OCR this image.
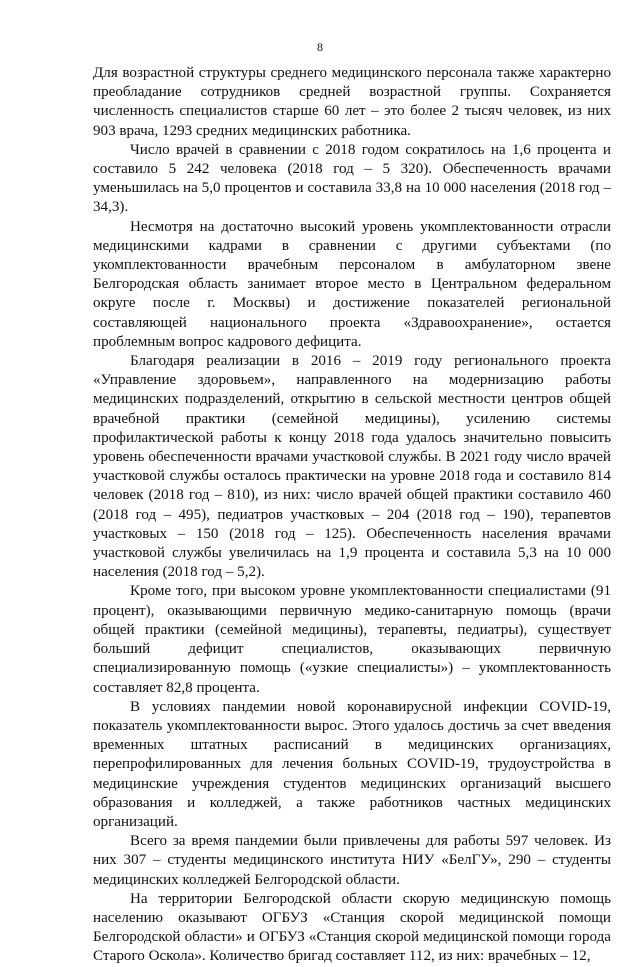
8

Для возрастной структуры среднего медицинского персонала также характерно преобладание сотрудников средней возрастной группы. Сохраняется численность специалистов старше 60 лет – это более 2 тысяч человек, из них 903 врача, 1293 средних медицинских работника.

Число врачей в сравнении с 2018 годом сократилось на 1,6 процента и составило 5 242 человека (2018 год – 5 320). Обеспеченность врачами уменьшилась на 5,0 процентов и составила 33,8 на 10 000 населения (2018 год – 34,3).

Несмотря на достаточно высокий уровень укомплектованности отрасли медицинскими кадрами в сравнении с другими субъектами (по укомплектованности врачебным персоналом в амбулаторном звене Белгородская область занимает второе место в Центральном федеральном округе после г. Москвы) и достижение показателей региональной составляющей национального проекта «Здравоохранение», остается проблемным вопрос кадрового дефицита.

Благодаря реализации в 2016 – 2019 году регионального проекта «Управление здоровьем», направленного на модернизацию работы медицинских подразделений, открытию в сельской местности центров общей врачебной практики (семейной медицины), усилению системы профилактической работы к концу 2018 года удалось значительно повысить уровень обеспеченности врачами участковой службы. В 2021 году число врачей участковой службы осталось практически на уровне 2018 года и составило 814 человек (2018 год – 810), из них: число врачей общей практики составило 460 (2018 год – 495), педиатров участковых – 204 (2018 год – 190), терапевтов участковых – 150 (2018 год – 125). Обеспеченность населения врачами участковой службы увеличилась на 1,9 процента и составила 5,3 на 10 000 населения (2018 год – 5,2).

Кроме того, при высоком уровне укомплектованности специалистами (91 процент), оказывающими первичную медико-санитарную помощь (врачи общей практики (семейной медицины), терапевты, педиатры), существует больший дефицит специалистов, оказывающих первичную специализированную помощь («узкие специалисты») – укомплектованность составляет 82,8 процента.

В условиях пандемии новой коронавирусной инфекции COVID-19, показатель укомплектованности вырос. Этого удалось достичь за счет введения временных штатных расписаний в медицинских организациях, перепрофилированных для лечения больных COVID-19, трудоустройства в медицинские учреждения студентов медицинских организаций высшего образования и колледжей, а также работников частных медицинских организаций.

Всего за время пандемии были привлечены для работы 597 человек. Из них 307 – студенты медицинского института НИУ «БелГУ», 290 – студенты медицинских колледжей Белгородской области.

На территории Белгородской области скорую медицинскую помощь населению оказывают ОГБУЗ «Станция скорой медицинской помощи Белгородской области» и ОГБУЗ «Станция скорой медицинской помощи города Старого Оскола». Количество бригад составляет 112, из них: врачебных – 12,
